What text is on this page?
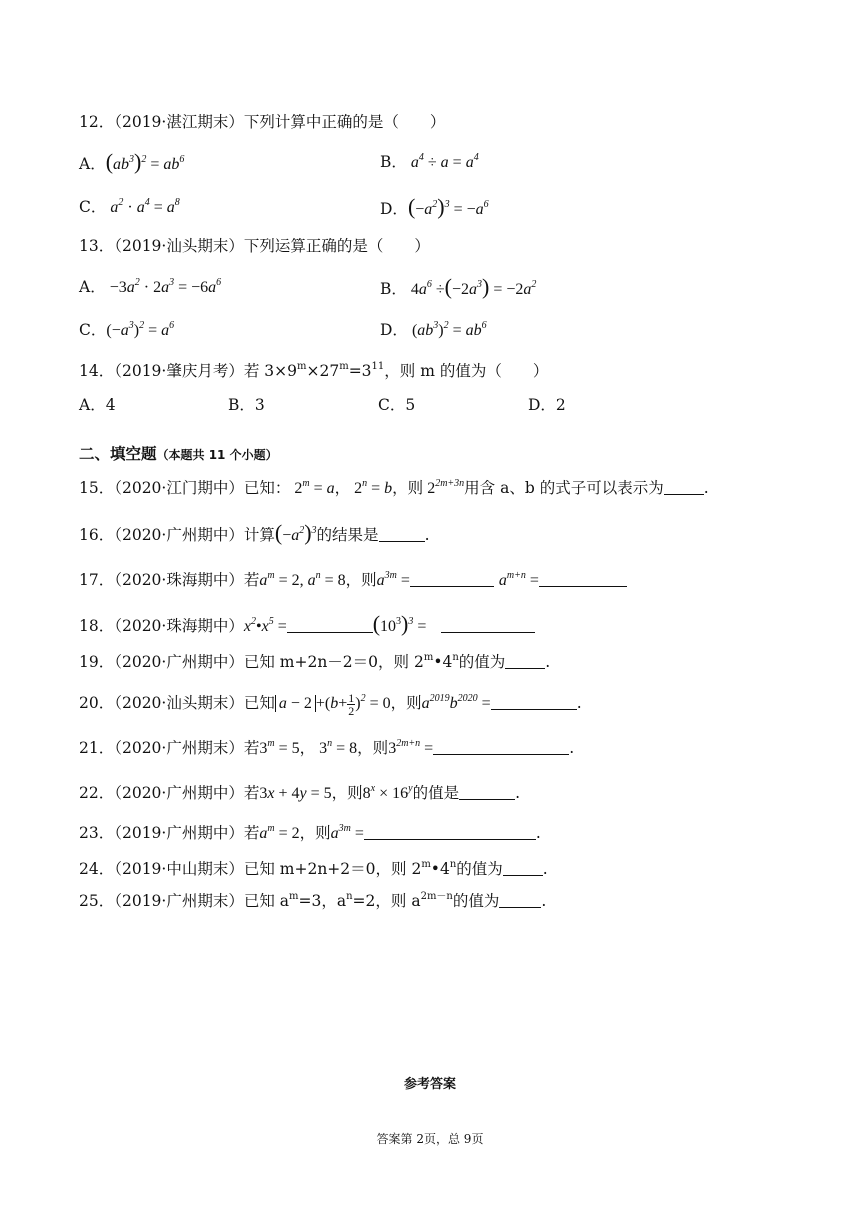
12．（2019·湛江期末）下列计算中正确的是（　　）
A．$(ab^3)^2 = ab^6$	B． $a^4 \div a = a^4$
C． $a^2 \cdot a^4 = a^8$	D．$(-a^2)^3 = -a^6$
13．（2019·汕头期末）下列运算正确的是（　　）
A． $-3a^2 \cdot 2a^3 = -6a^6$	B． $4a^6 \div(-2a^3) = -2a^2$
C．$(-a^3)^2 = a^6$	D． $(ab^3)^2 = ab^6$
14．（2019·肇庆月考）若 $3\times 9^m\times 27^m=3^{11}$，则 m 的值为（　　）
A．4	B．3	C．5	D．2
二、填空题（本题共 11 个小题）
15．（2020·江门期中）已知： $2^m = a$， $2^n = b$，则 $2^{2m+3n}$用含 a、b 的式子可以表示为	.
16．（2020·广州期中）计算$(-a^2)^3$的结果是	.
17．（2020·珠海期中）若$a^m = 2$, $a^n = 8$，则$a^{3m}$ =	$a^{m+n}$ =
18．（2020·珠海期中）$x^2•x^5$ =	$(10^3)^3$ =
19．（2020·广州期中）已知 m+2n－2＝0，则 2$^m$•4$^n$的值为	.
20．（2020·汕头期末）已知 $a - 2 +(b+ \frac{1}{2} )^2 = 0$，则$a^{2019}b^{2020}$ =	.
21．（2020·广州期末）若$3^m = 5$， $3^n = 8$，则$3^{2m+n}$ =	.
22．（2020·广州期中）若3x + 4y = 5，则$8^x \times 16^y$的值是	.
23．（2019·广州期中）若$a^m = 2$，则$a^{3m}$ =	.
24．（2019·中山期末）已知 m+2n+2＝0，则 2$^m$•4$^n$的值为	.
25．（2019·广州期末）已知 $a^m=3$，$a^n=2$，则 $a^{2m-n}$的值为	.
参考答案
答案第 2页，总 9页
